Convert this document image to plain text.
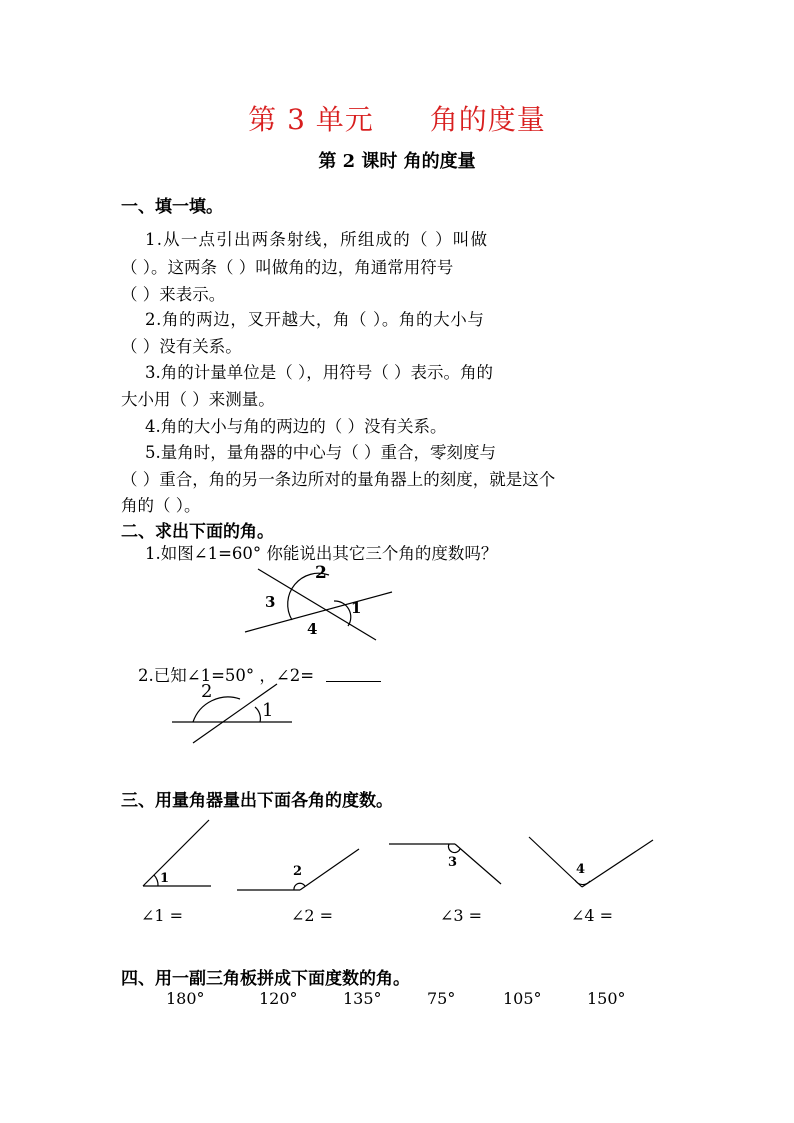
第 3 单元 角的度量
第 2 课时 角的度量
一、填一填。
1.从一点引出两条射线，所组成的（ ）叫做
（ ）。这两条（ ）叫做角的边，角通常用符号
（ ）来表示。
2.角的两边，叉开越大，角（ ）。角的大小与
（ ）没有关系。
3.角的计量单位是（ ），用符号（ ）表示。角的
大小用（ ）来测量。
4.角的大小与角的两边的（ ）没有关系。
5.量角时，量角器的中心与（ ）重合，零刻度与
（ ）重合，角的另一条边所对的量角器上的刻度，就是这个
角的（ ）。
二、求出下面的角。
1.如图∠1=60° 你能说出其它三个角的度数吗？
2.已知∠1=50° ，∠2=
1
2
3
4
1
2
1	2
3	4
三、用量角器量出下面各角的度数。
∠1 =	∠2 =	∠3 =	∠4 =
四、用一副三角板拼成下面度数的角。
180°	120°	135°	75°	105°	150°
